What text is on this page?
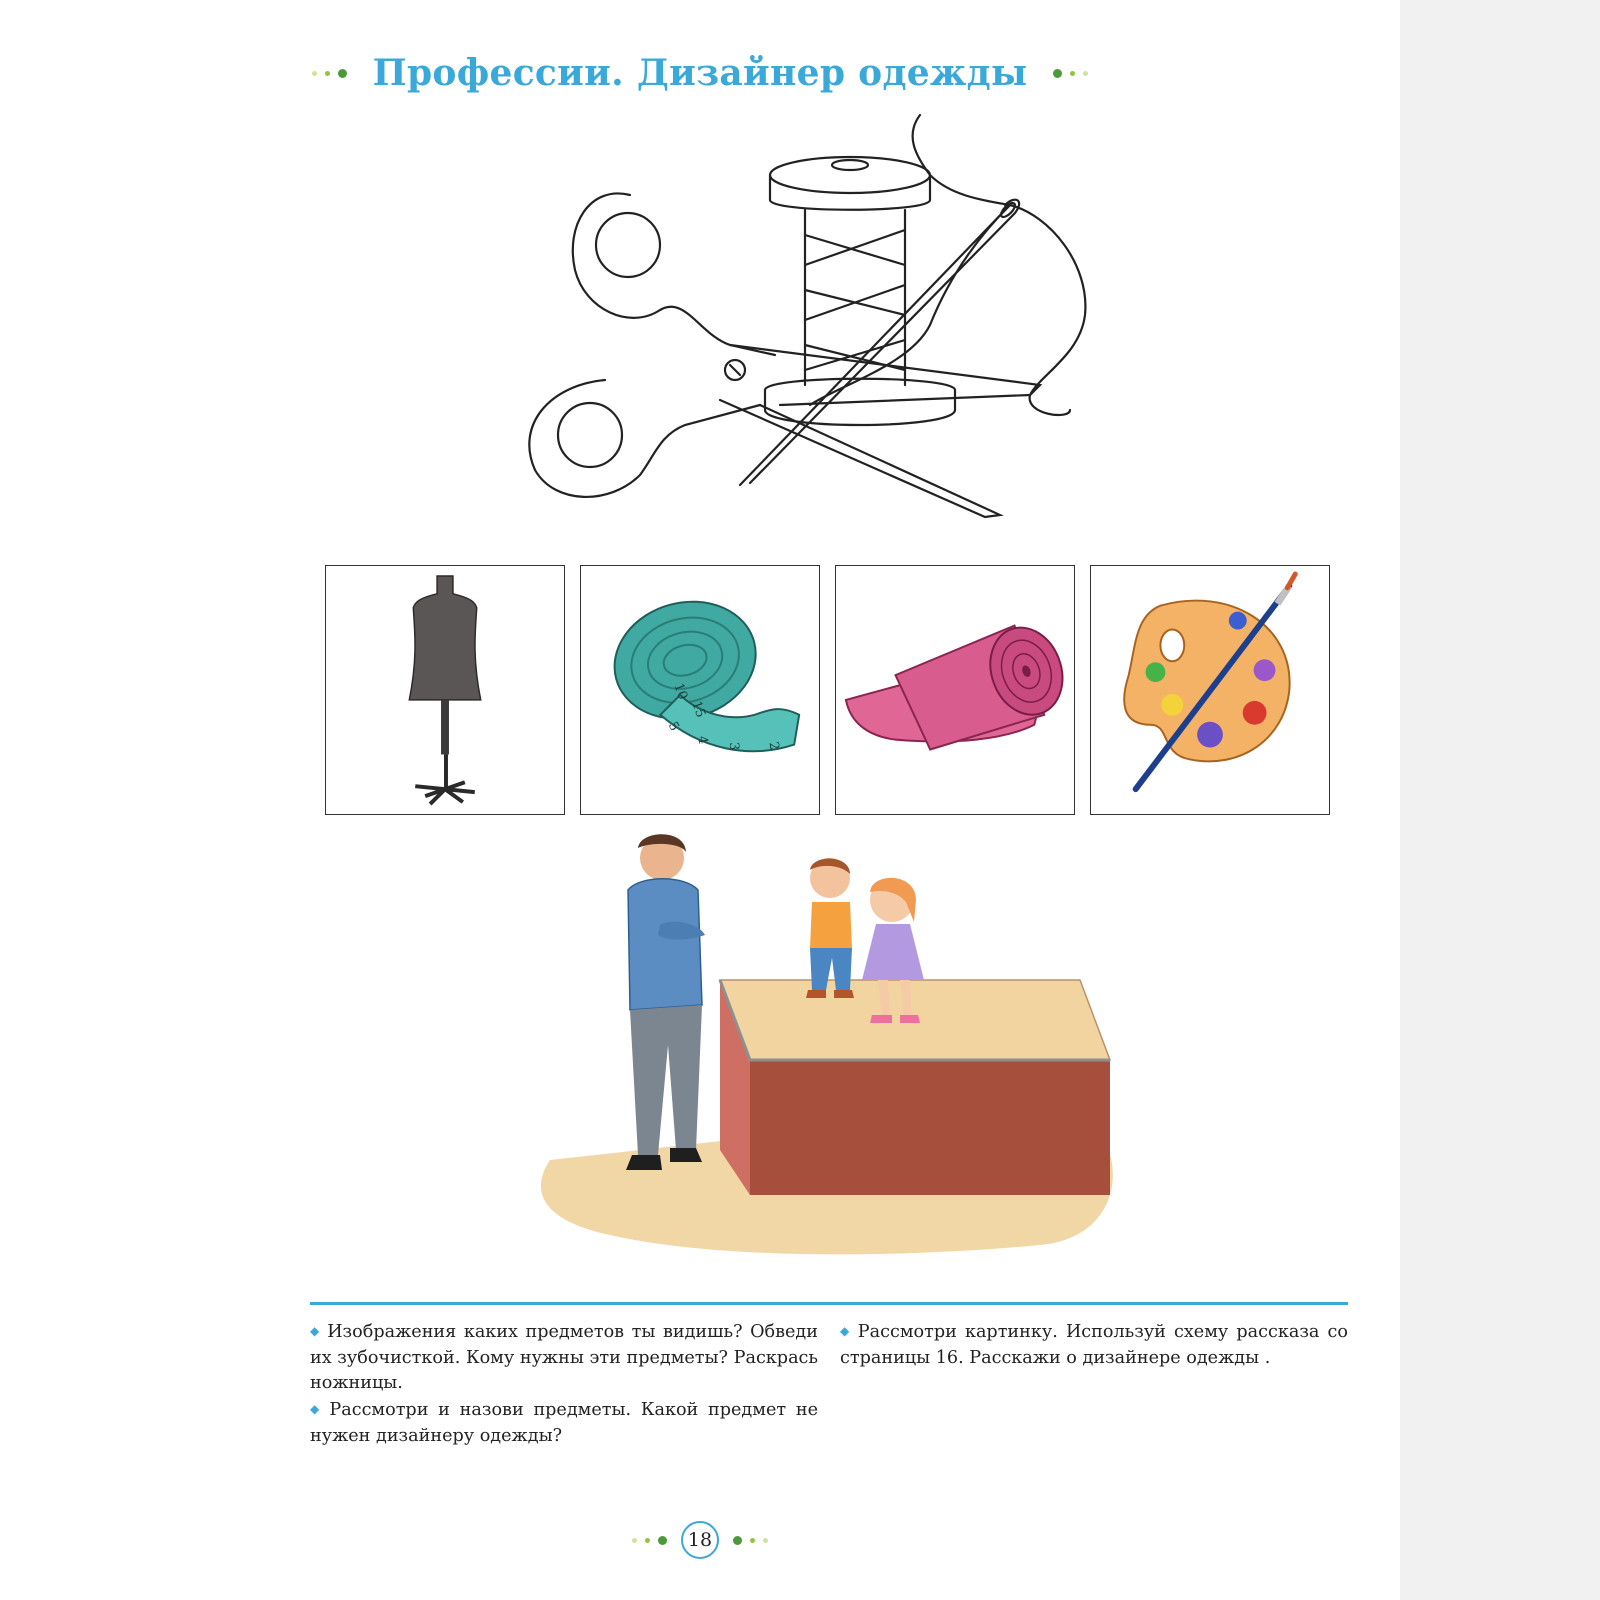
Профессии. Дизайнер одежды
15
10
5
4
3 2

◆ Изображения каких предметов ты видишь? Обведи их зубочисткой. Кому нужны эти предметы? Раскрась ножницы.

◆ Рассмотри и назови предметы. Какой предмет не нужен дизайнеру одежды?

◆ Рассмотри картинку. Используй схему рассказа со страницы 16. Расскажи о дизайнере одежды .

18
